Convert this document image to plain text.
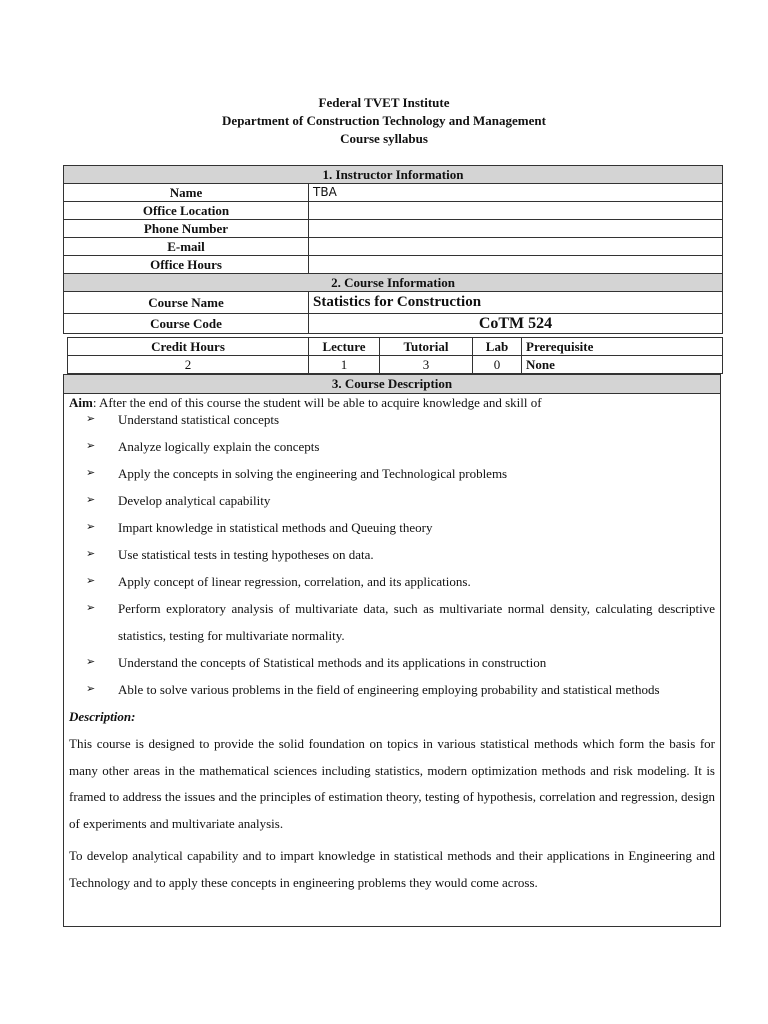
Federal TVET Institute
Department of Construction Technology and Management
Course syllabus
1. Instructor Information	
Name	TBA
Office Location	
Phone Number	
E-mail	
Office Hours	
2. Course Information	
Course Name	Statistics for Construction
Course Code	CoTM 524
Credit Hours	Lecture	Tutorial	Lab	Prerequisite
2	1	3	0	None
3. Course Description
Aim: After the end of this course the student will be able to acquire knowledge and skill of
➢ Understand statistical concepts
➢ Analyze logically explain the concepts
➢ Apply the concepts in solving the engineering and Technological problems
➢ Develop analytical capability
➢ Impart knowledge in statistical methods and Queuing theory
➢ Use statistical tests in testing hypotheses on data.
➢ Apply concept of linear regression, correlation, and its applications.
➢ Perform exploratory analysis of multivariate data, such as multivariate normal density, calculating descriptive statistics, testing for multivariate normality.
➢ Understand the concepts of Statistical methods and its applications in construction
➢ Able to solve various problems in the field of engineering employing probability and statistical methods
Description:
This course is designed to provide the solid foundation on topics in various statistical methods which form the basis for many other areas in the mathematical sciences including statistics, modern optimization methods and risk modeling. It is framed to address the issues and the principles of estimation theory, testing of hypothesis, correlation and regression, design of experiments and multivariate analysis.
To develop analytical capability and to impart knowledge in statistical methods and their applications in Engineering and Technology and to apply these concepts in engineering problems they would come across.
